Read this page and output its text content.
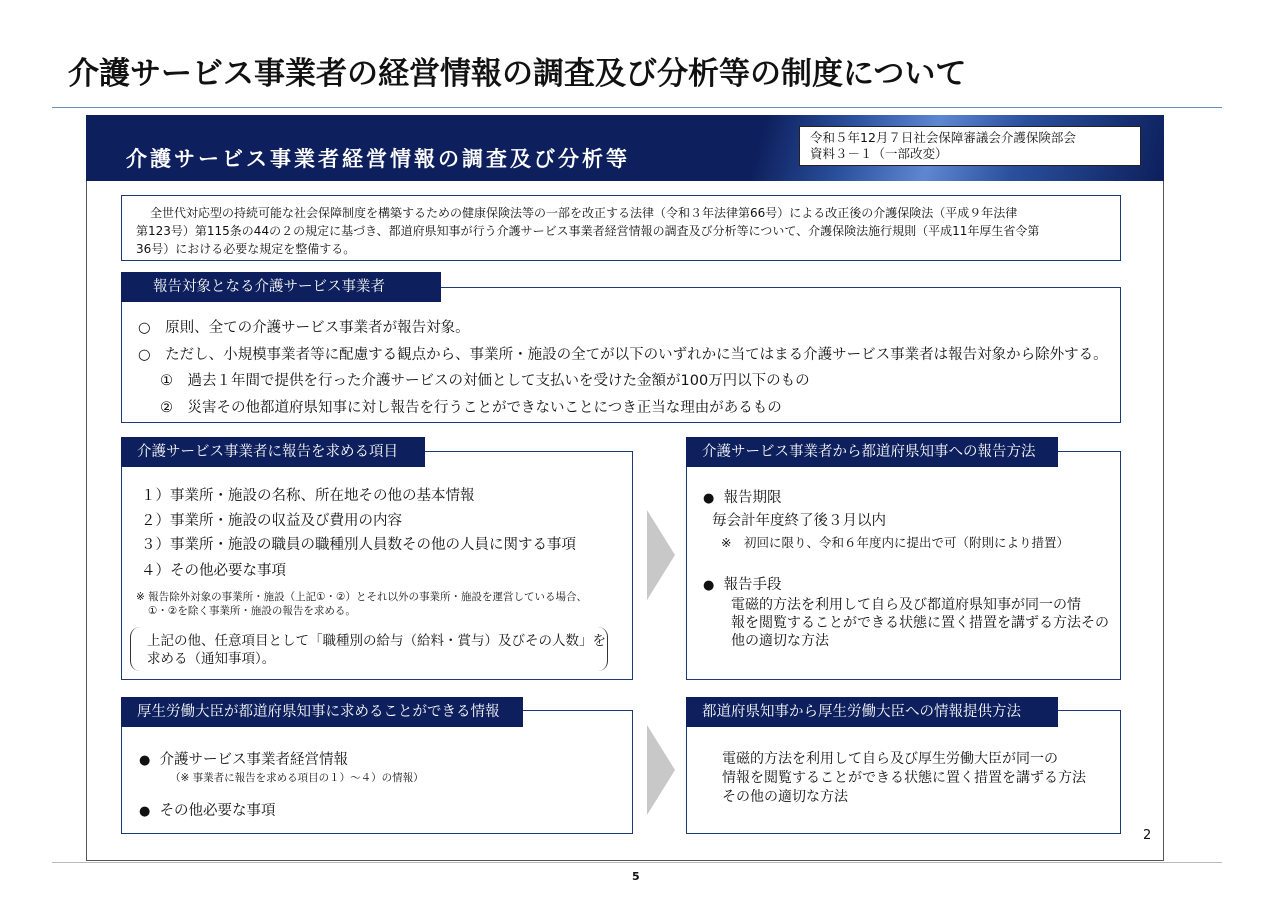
介護サービス事業者の経営情報の調査及び分析等の制度について
介護サービス事業者経営情報の調査及び分析等
令和５年12月７日社会保障審議会介護保険部会
資料３－１（一部改変）
全世代対応型の持続可能な社会保障制度を構築するための健康保険法等の一部を改正する法律（令和３年法律第66号）による改正後の介護保険法（平成９年法律
第123号）第115条の44の２の規定に基づき、都道府県知事が行う介護サービス事業者経営情報の調査及び分析等について、介護保険法施行規則（平成11年厚生省令第
36号）における必要な規定を整備する。
報告対象となる介護サービス事業者
○　原則、全ての介護サービス事業者が報告対象。
○　ただし、小規模事業者等に配慮する観点から、事業所・施設の全てが以下のいずれかに当てはまる介護サービス事業者は報告対象から除外する。
①　過去１年間で提供を行った介護サービスの対価として支払いを受けた金額が100万円以下のもの
②　災害その他都道府県知事に対し報告を行うことができないことにつき正当な理由があるもの
介護サービス事業者に報告を求める項目
１）事業所・施設の名称、所在地その他の基本情報
２）事業所・施設の収益及び費用の内容
３）事業所・施設の職員の職種別人員数その他の人員に関する事項
４）その他必要な事項
※ 報告除外対象の事業所・施設（上記①・②）とそれ以外の事業所・施設を運営している場合、
①・②を除く事業所・施設の報告を求める。
上記の他、任意項目として「職種別の給与（給料・賞与）及びその人数」を
求める（通知事項）。
介護サービス事業者から都道府県知事への報告方法
● 報告期限
毎会計年度終了後３月以内
※　初回に限り、令和６年度内に提出で可（附則により措置）
● 報告手段
電磁的方法を利用して自ら及び都道府県知事が同一の情
報を閲覧することができる状態に置く措置を講ずる方法その
他の適切な方法
厚生労働大臣が都道府県知事に求めることができる情報
● 介護サービス事業者経営情報
（※ 事業者に報告を求める項目の１）～４）の情報）
● その他必要な事項
都道府県知事から厚生労働大臣への情報提供方法
電磁的方法を利用して自ら及び厚生労働大臣が同一の
情報を閲覧することができる状態に置く措置を講ずる方法
その他の適切な方法
2
5
